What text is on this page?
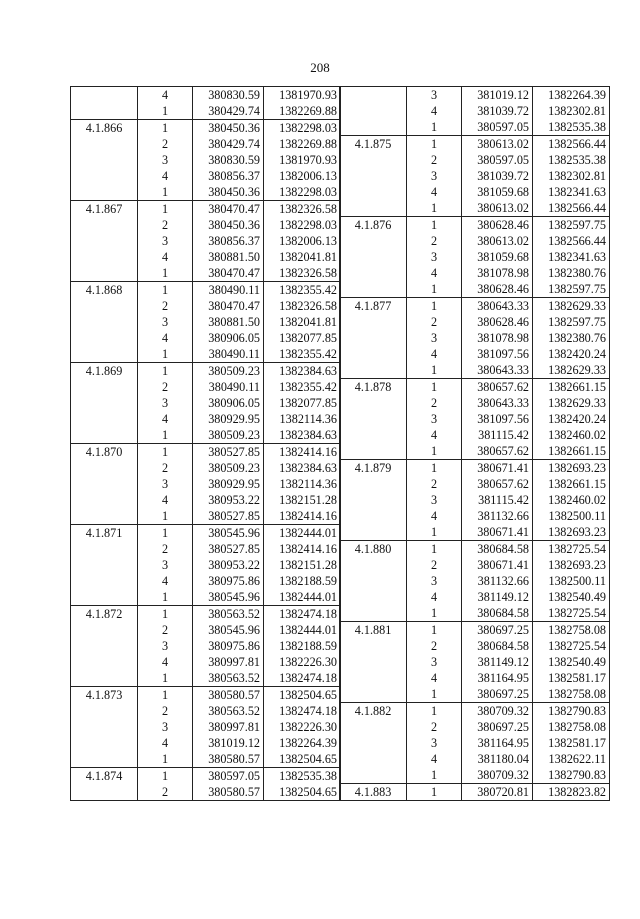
208
	4	380830.59	1381970.93
	1	380429.74	1382269.88
4.1.866	1	380450.36	1382298.03
	2	380429.74	1382269.88
	3	380830.59	1381970.93
	4	380856.37	1382006.13
	1	380450.36	1382298.03
4.1.867	1	380470.47	1382326.58
	2	380450.36	1382298.03
	3	380856.37	1382006.13
	4	380881.50	1382041.81
	1	380470.47	1382326.58
4.1.868	1	380490.11	1382355.42
	2	380470.47	1382326.58
	3	380881.50	1382041.81
	4	380906.05	1382077.85
	1	380490.11	1382355.42
4.1.869	1	380509.23	1382384.63
	2	380490.11	1382355.42
	3	380906.05	1382077.85
	4	380929.95	1382114.36
	1	380509.23	1382384.63
4.1.870	1	380527.85	1382414.16
	2	380509.23	1382384.63
	3	380929.95	1382114.36
	4	380953.22	1382151.28
	1	380527.85	1382414.16
4.1.871	1	380545.96	1382444.01
	2	380527.85	1382414.16
	3	380953.22	1382151.28
	4	380975.86	1382188.59
	1	380545.96	1382444.01
4.1.872	1	380563.52	1382474.18
	2	380545.96	1382444.01
	3	380975.86	1382188.59
	4	380997.81	1382226.30
	1	380563.52	1382474.18
4.1.873	1	380580.57	1382504.65
	2	380563.52	1382474.18
	3	380997.81	1382226.30
	4	381019.12	1382264.39
	1	380580.57	1382504.65
4.1.874	1	380597.05	1382535.38
	2	380580.57	1382504.65
	3	381019.12	1382264.39
	4	381039.72	1382302.81
	1	380597.05	1382535.38
4.1.875	1	380613.02	1382566.44
	2	380597.05	1382535.38
	3	381039.72	1382302.81
	4	381059.68	1382341.63
	1	380613.02	1382566.44
4.1.876	1	380628.46	1382597.75
	2	380613.02	1382566.44
	3	381059.68	1382341.63
	4	381078.98	1382380.76
	1	380628.46	1382597.75
4.1.877	1	380643.33	1382629.33
	2	380628.46	1382597.75
	3	381078.98	1382380.76
	4	381097.56	1382420.24
	1	380643.33	1382629.33
4.1.878	1	380657.62	1382661.15
	2	380643.33	1382629.33
	3	381097.56	1382420.24
	4	381115.42	1382460.02
	1	380657.62	1382661.15
4.1.879	1	380671.41	1382693.23
	2	380657.62	1382661.15
	3	381115.42	1382460.02
	4	381132.66	1382500.11
	1	380671.41	1382693.23
4.1.880	1	380684.58	1382725.54
	2	380671.41	1382693.23
	3	381132.66	1382500.11
	4	381149.12	1382540.49
	1	380684.58	1382725.54
4.1.881	1	380697.25	1382758.08
	2	380684.58	1382725.54
	3	381149.12	1382540.49
	4	381164.95	1382581.17
	1	380697.25	1382758.08
4.1.882	1	380709.32	1382790.83
	2	380697.25	1382758.08
	3	381164.95	1382581.17
	4	381180.04	1382622.11
	1	380709.32	1382790.83
4.1.883	1	380720.81	1382823.82
